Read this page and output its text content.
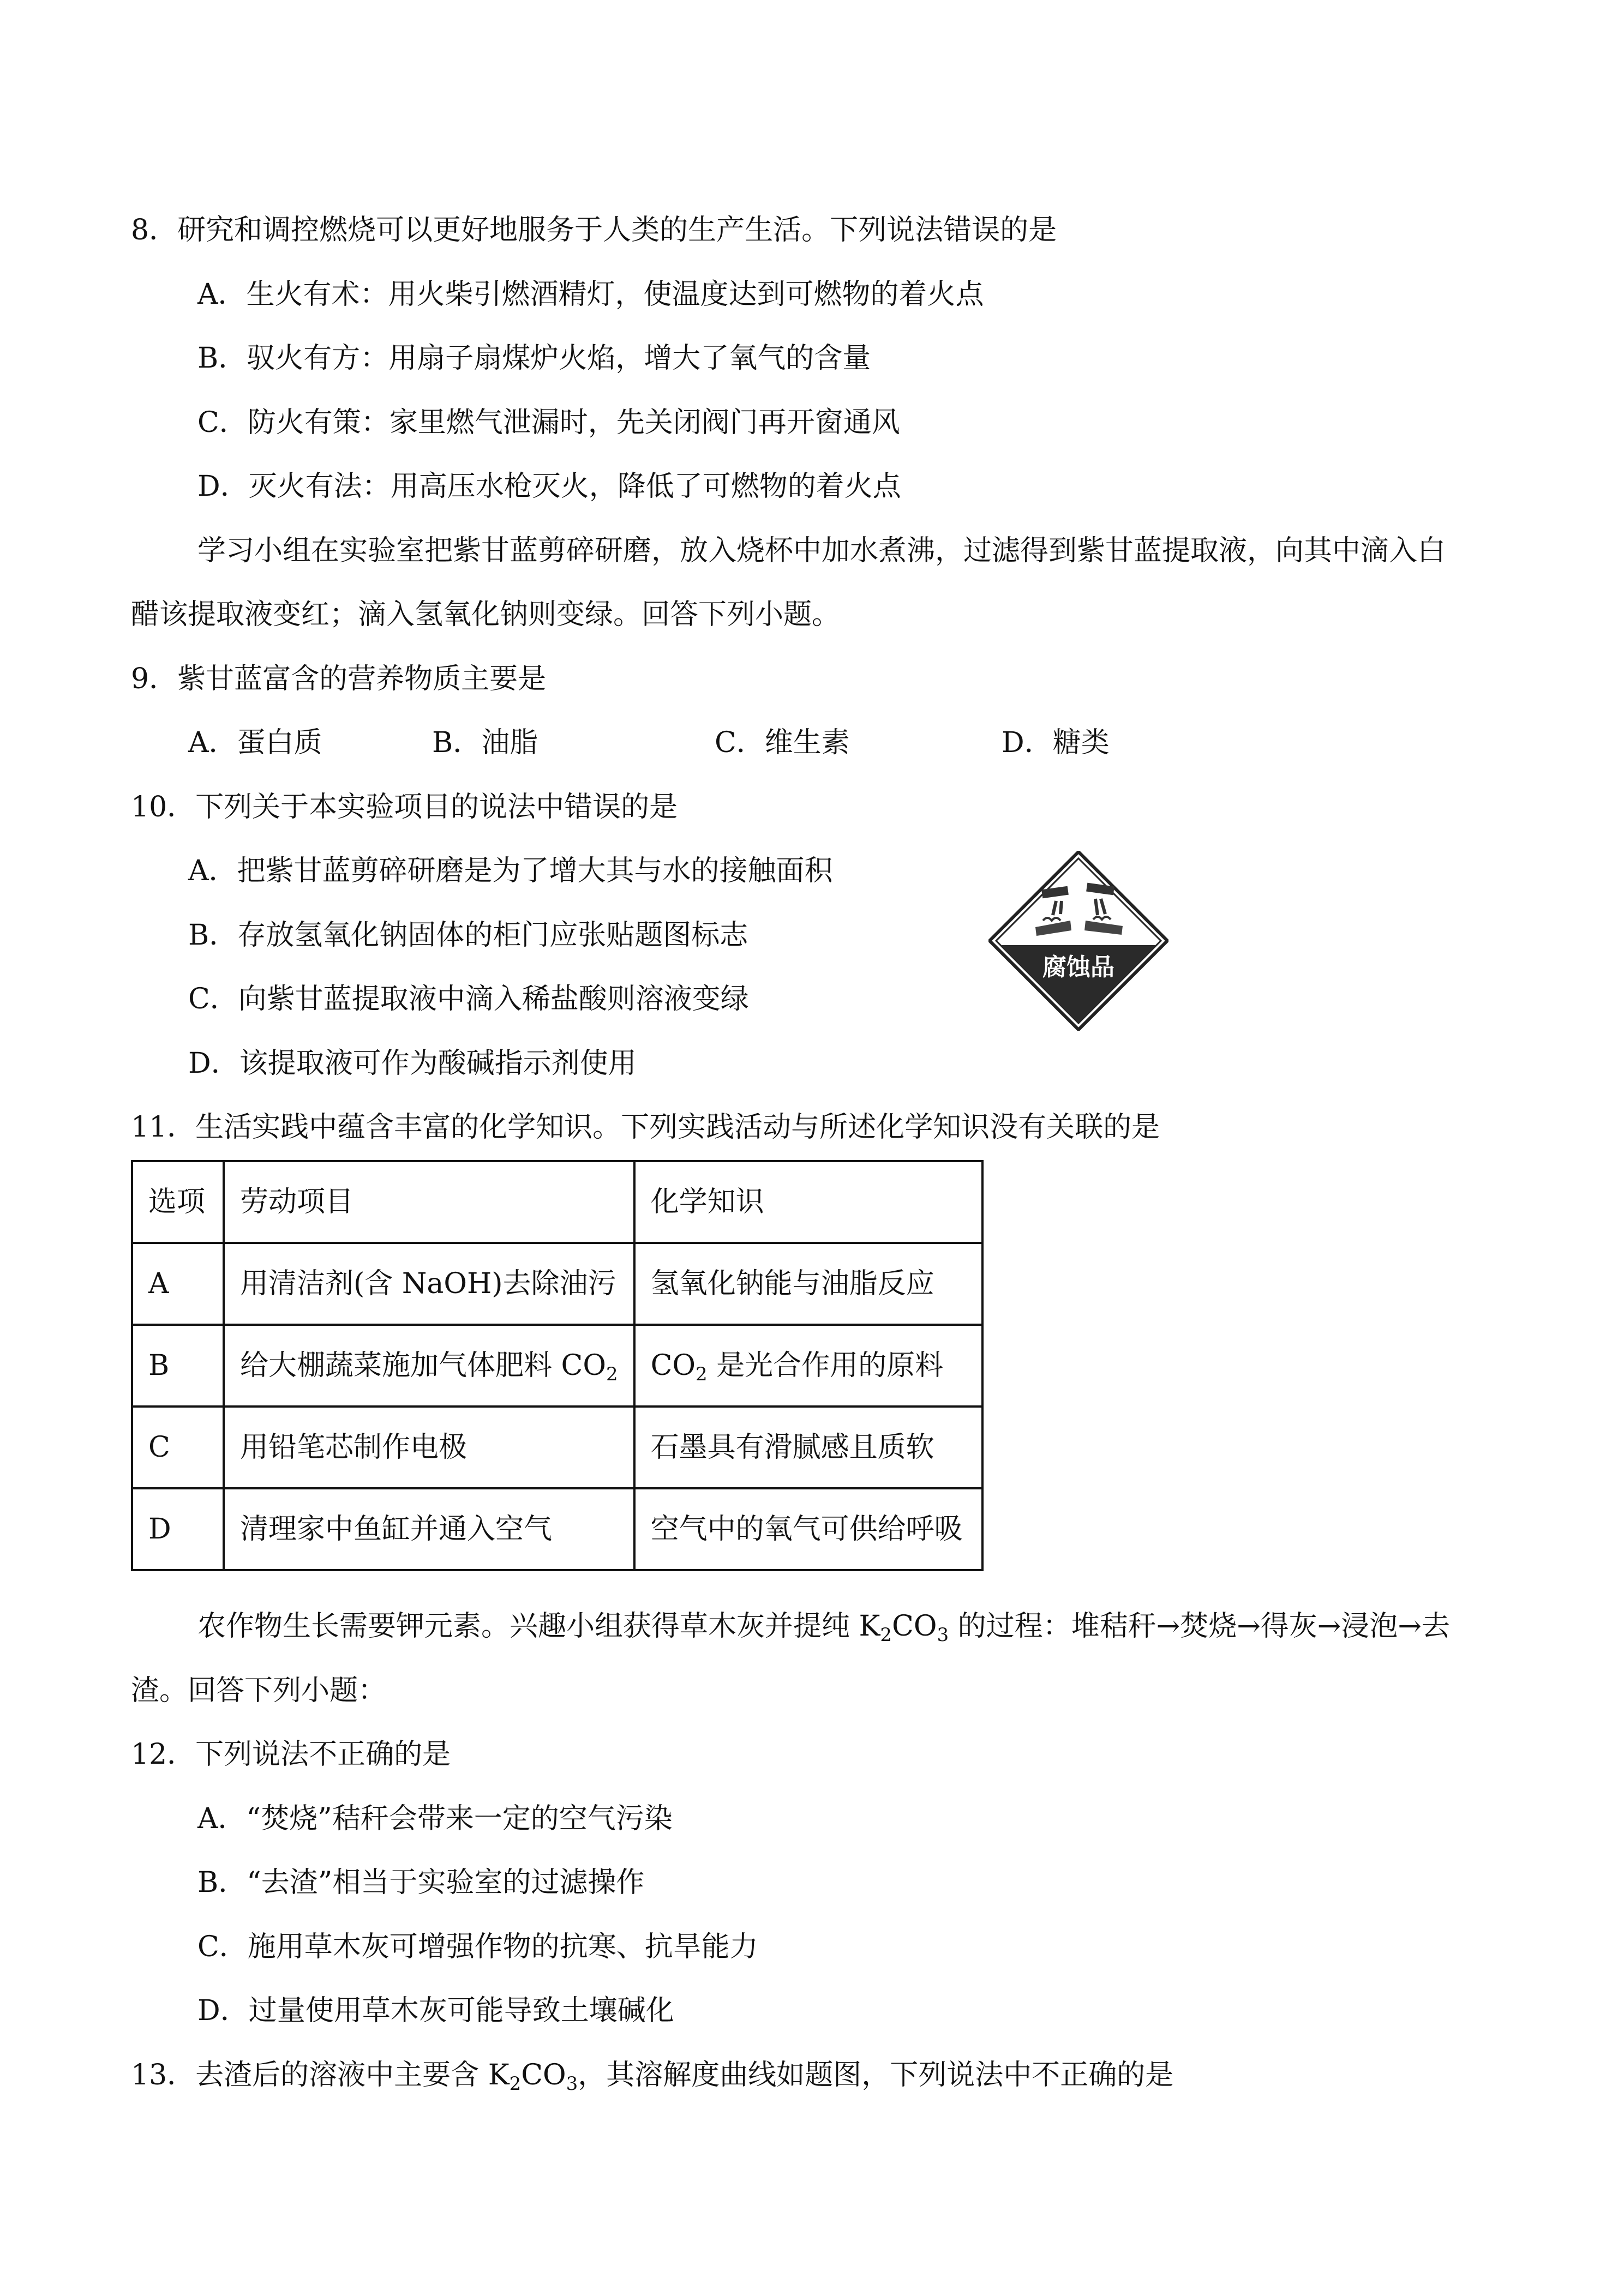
8．研究和调控燃烧可以更好地服务于人类的生产生活。下列说法错误的是
A．生火有术：用火柴引燃酒精灯，使温度达到可燃物的着火点
B．驭火有方：用扇子扇煤炉火焰，增大了氧气的含量
C．防火有策：家里燃气泄漏时，先关闭阀门再开窗通风
D．灭火有法：用高压水枪灭火，降低了可燃物的着火点
学习小组在实验室把紫甘蓝剪碎研磨，放入烧杯中加水煮沸，过滤得到紫甘蓝提取液，向其中滴入白
醋该提取液变红；滴入氢氧化钠则变绿。回答下列小题。
9．紫甘蓝富含的营养物质主要是
A．蛋白质	B．油脂	C．维生素	D．糖类
10．下列关于本实验项目的说法中错误的是
A．把紫甘蓝剪碎研磨是为了增大其与水的接触面积
B．存放氢氧化钠固体的柜门应张贴题图标志
C．向紫甘蓝提取液中滴入稀盐酸则溶液变绿
D．该提取液可作为酸碱指示剂使用
腐蚀品
11．生活实践中蕴含丰富的化学知识。下列实践活动与所述化学知识没有关联的是
选项	劳动项目	化学知识
A	用清洁剂(含 NaOH)去除油污	氢氧化钠能与油脂反应
B	给大棚蔬菜施加气体肥料 $CO_2$	$CO_2$ 是光合作用的原料
C	用铅笔芯制作电极	石墨具有滑腻感且质软
D	清理家中鱼缸并通入空气	空气中的氧气可供给呼吸
农作物生长需要钾元素。兴趣小组获得草木灰并提纯 $K_2CO_3$ 的过程：堆秸秆→焚烧→得灰→浸泡→去
渣。回答下列小题：
12．下列说法不正确的是
A．“焚烧”秸秆会带来一定的空气污染
B．“去渣”相当于实验室的过滤操作
C．施用草木灰可增强作物的抗寒、抗旱能力
D．过量使用草木灰可能导致土壤碱化
13．去渣后的溶液中主要含 $K_2CO_3$，其溶解度曲线如题图，下列说法中不正确的是
